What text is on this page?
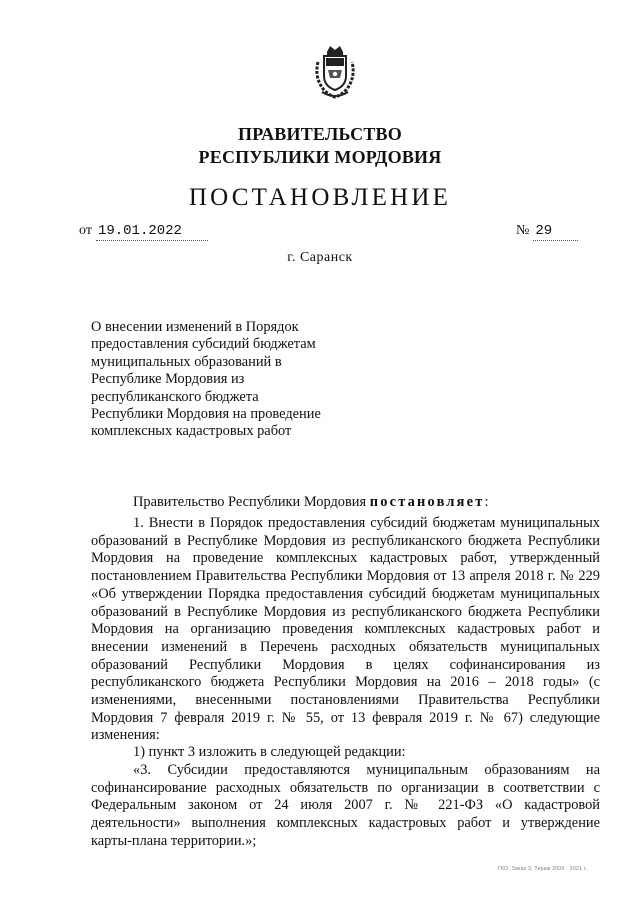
ПРАВИТЕЛЬСТВО
РЕСПУБЛИКИ МОРДОВИЯ
ПОСТАНОВЛЕНИЕ
от 19.01.2022	№ 29
г. Саранск
О внесении изменений в Порядок
предоставления субсидий бюджетам
муниципальных образований в
Республике Мордовия из
республиканского бюджета
Республики Мордовия на проведение
комплексных кадастровых работ
Правительство Республики Мордовия постановляет:
1. Внести в Порядок предоставления субсидий бюджетам муниципальных образований в Республике Мордовия из республиканского бюджета Республики Мордовия на проведение комплексных кадастровых работ, утвержденный постановлением Правительства Республики Мордовия от 13 апреля 2018 г. № 229 «Об утверждении Порядка предоставления субсидий бюджетам муниципальных образований в Республике Мордовия из республиканского бюджета Республики Мордовия на организацию проведения комплексных кадастровых работ и внесении изменений в Перечень расходных обязательств муниципальных образований Республики Мордовия в целях софинансирования из республиканского бюджета Республики Мордовия на 2016 – 2018 годы» (с изменениями, внесенными постановлениями Правительства Республики Мордовия 7 февраля 2019 г. № 55, от 13 февраля 2019 г. № 67) следующие изменения:
1) пункт 3 изложить в следующей редакции:
«3. Субсидии предоставляются муниципальным образованиям на софинансирование расходных обязательств по организации в соответствии с Федеральным законом от 24 июля 2007 г. № 221-ФЗ «О кадастровой деятельности» выполнения комплексных кадастровых работ и утверждение карты-плана территории.»;
ГКО, Заказ 3, Тираж 2000 · 2021 г.
